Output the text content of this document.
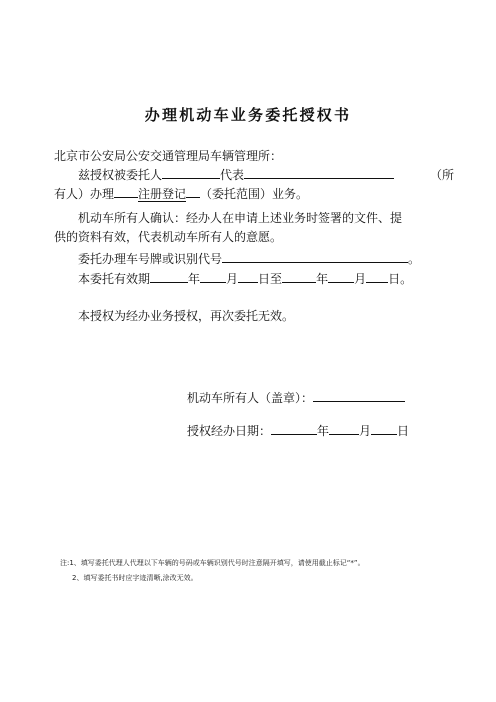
办理机动车业务委托授权书
北京市公安局公安交通管理局车辆管理所：
兹授权被委托人	代表	（所
有人）办理 注册登记 （委托范围）业务。
机动车所有人确认：经办人在申请上述业务时签署的文件、提
供的资料有效，代表机动车所有人的意愿。
委托办理车号牌或识别代号	。
本委托有效期	年 月 日至	年 月 日。
本授权为经办业务授权，再次委托无效。
机动车所有人（盖章）：
授权经办日期：	年	月 日
注:1、填写委托代理人代理以下车辆的号码或车辆识别代号时注意隔开填写，请使用截止标记“*”。
2、填写委托书时应字迹清晰,涂改无效。
